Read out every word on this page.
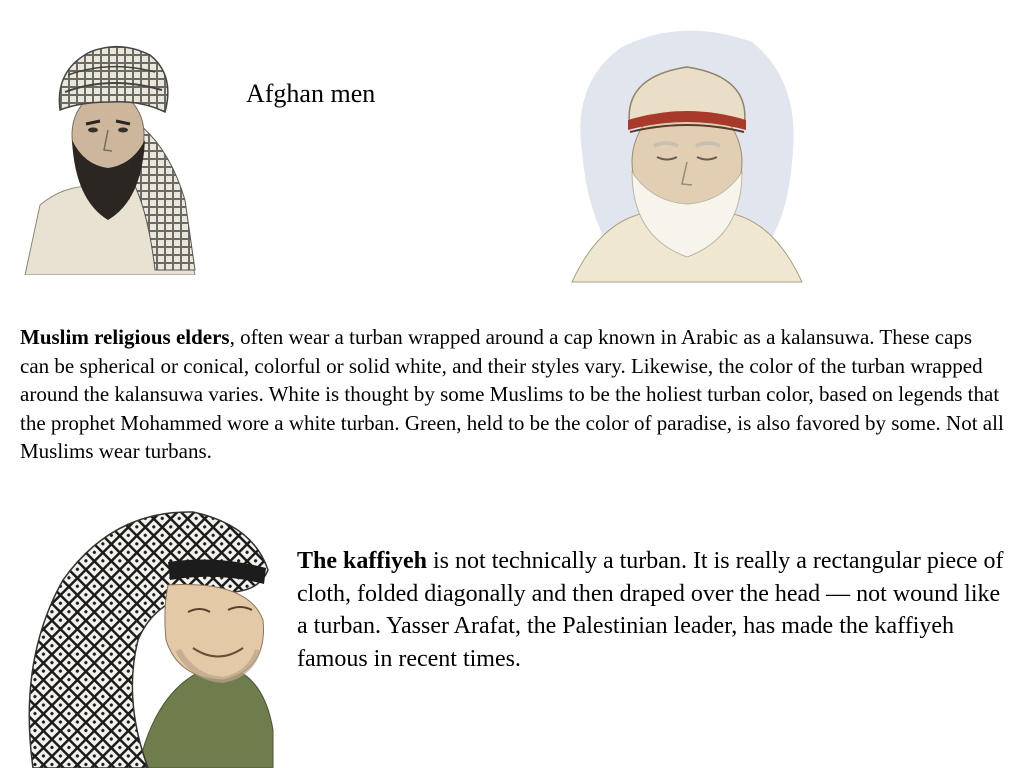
Afghan men

Muslim religious elders, often wear a turban wrapped around a cap known in Arabic as a kalansuwa. These caps can be spherical or conical, colorful or solid white, and their styles vary. Likewise, the color of the turban wrapped around the kalansuwa varies. White is thought by some Muslims to be the holiest turban color, based on legends that the prophet Mohammed wore a white turban. Green, held to be the color of paradise, is also favored by some. Not all Muslims wear turbans.

The kaffiyeh is not technically a turban. It is really a rectangular piece of cloth, folded diagonally and then draped over the head — not wound like a turban. Yasser Arafat, the Palestinian leader, has made the kaffiyeh famous in recent times.
